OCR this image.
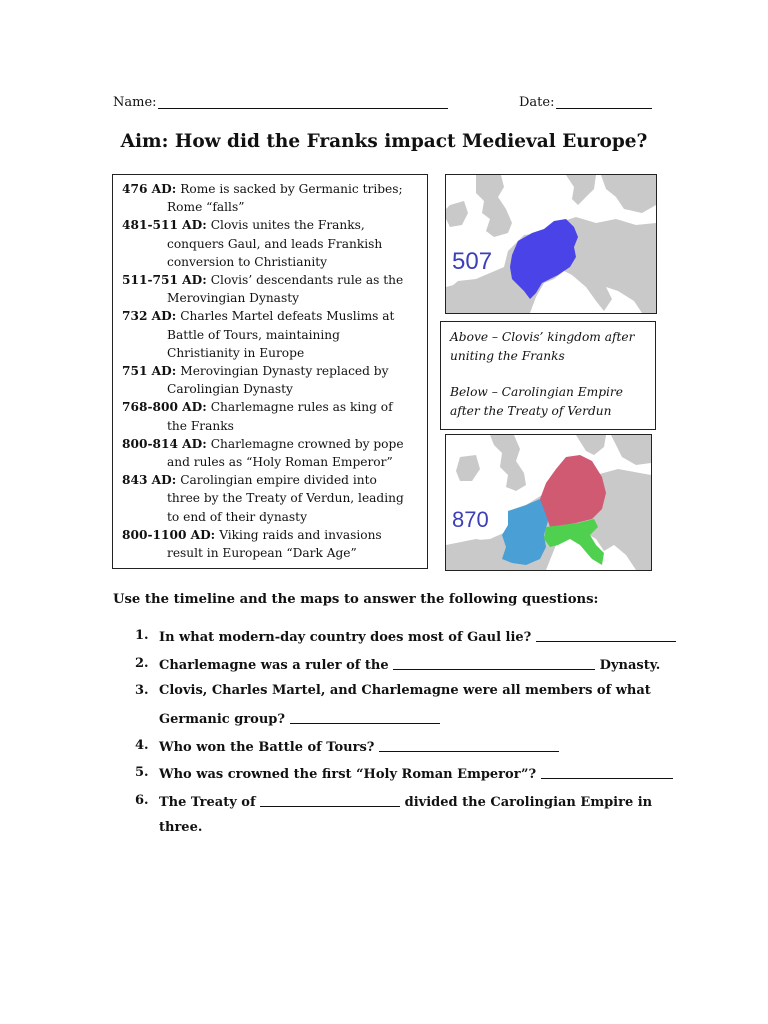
Name:	Date:
Aim: How did the Franks impact Medieval Europe?
476 AD: Rome is sacked by Germanic tribes;
Rome “falls”
481-511 AD: Clovis unites the Franks,
conquers Gaul, and leads Frankish
conversion to Christianity
511-751 AD: Clovis’ descendants rule as the
Merovingian Dynasty
732 AD: Charles Martel defeats Muslims at
Battle of Tours, maintaining
Christianity in Europe
751 AD: Merovingian Dynasty replaced by
Carolingian Dynasty
768-800 AD: Charlemagne rules as king of
the Franks
800-814 AD: Charlemagne crowned by pope
and rules as “Holy Roman Emperor”
843 AD: Carolingian empire divided into
three by the Treaty of Verdun, leading
to end of their dynasty
800-1100 AD: Viking raids and invasions
result in European “Dark Age”
507

Above – Clovis’ kingdom after

uniting the Franks

Below – Carolingian Empire

after the Treaty of Verdun

870
Use the timeline and the maps to answer the following questions:
1. In what modern-day country does most of Gaul lie?
2. Charlemagne was a ruler of the	Dynasty.
3. Clovis, Charles Martel, and Charlemagne were all members of what
Germanic group?
4. Who won the Battle of Tours?
5. Who was crowned the first “Holy Roman Emperor”?
6. The Treaty of	divided the Carolingian Empire in
three.
